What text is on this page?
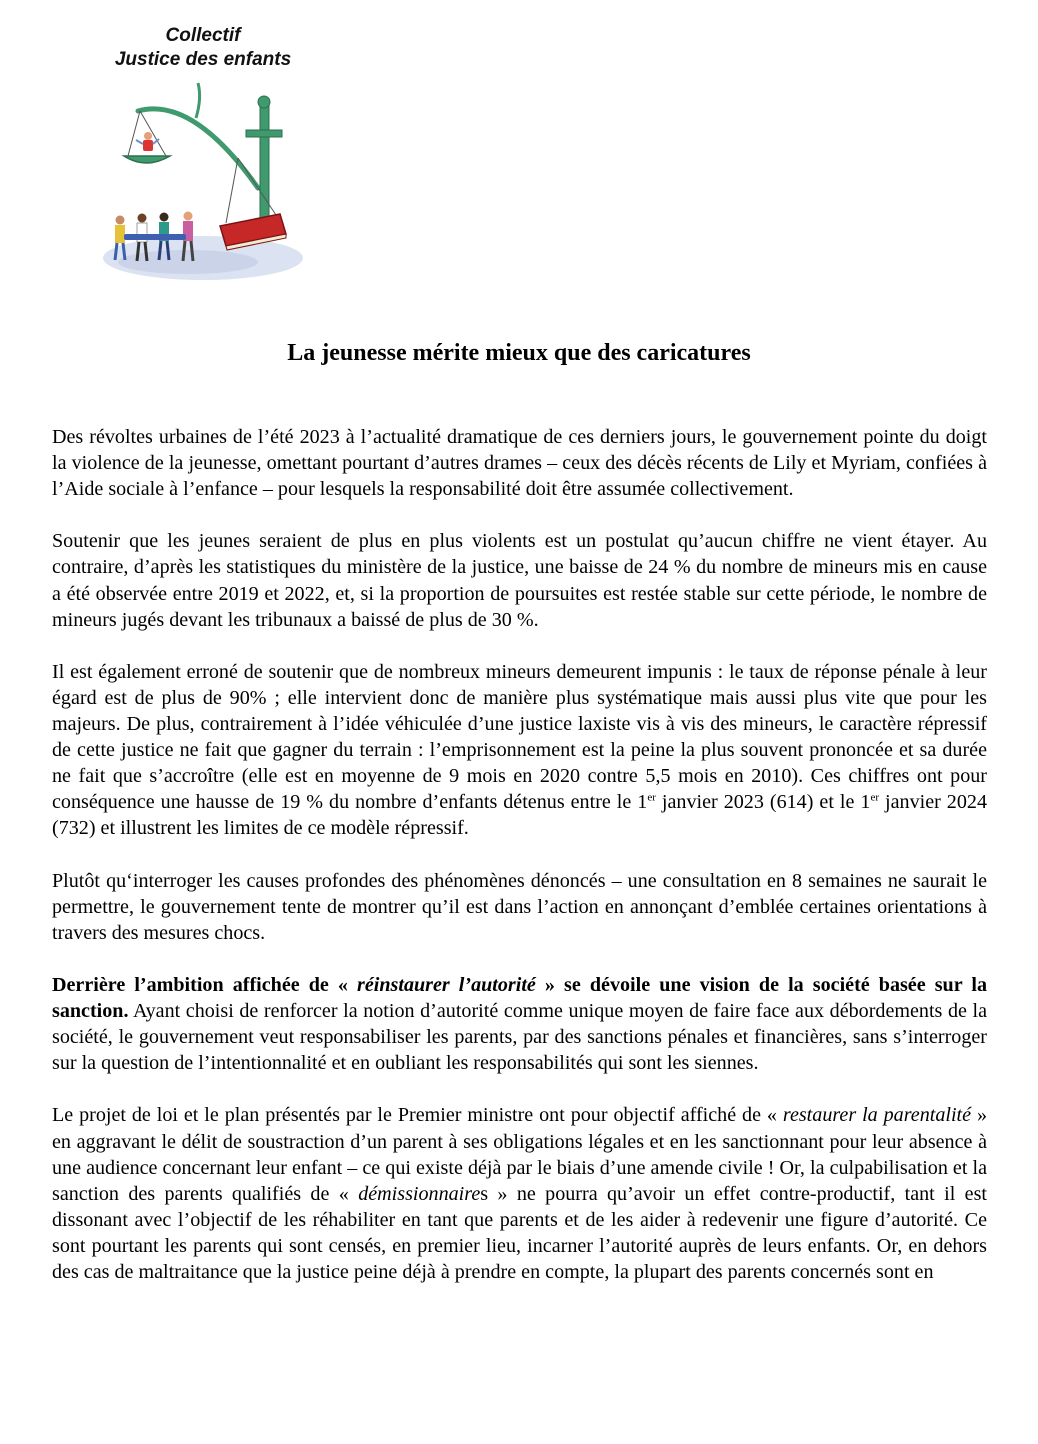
Collectif
Justice des enfants
La jeunesse mérite mieux que des caricatures

Des révoltes urbaines de l’été 2023 à l’actualité dramatique de ces derniers jours, le gouvernement pointe du doigt la violence de la jeunesse, omettant pourtant d’autres drames – ceux des décès récents de Lily et Myriam, confiées à l’Aide sociale à l’enfance – pour lesquels la responsabilité doit être assumée collectivement.

Soutenir que les jeunes seraient de plus en plus violents est un postulat qu’aucun chiffre ne vient étayer. Au contraire, d’après les statistiques du ministère de la justice, une baisse de 24 % du nombre de mineurs mis en cause a été observée entre 2019 et 2022, et, si la proportion de poursuites est restée stable sur cette période, le nombre de mineurs jugés devant les tribunaux a baissé de plus de 30 %.

Il est également erroné de soutenir que de nombreux mineurs demeurent impunis : le taux de réponse pénale à leur égard est de plus de 90% ; elle intervient donc de manière plus systématique mais aussi plus vite que pour les majeurs. De plus, contrairement à l’idée véhiculée d’une justice laxiste vis à vis des mineurs, le caractère répressif de cette justice ne fait que gagner du terrain : l’emprisonnement est la peine la plus souvent prononcée et sa durée ne fait que s’accroître (elle est en moyenne de 9 mois en 2020 contre 5,5 mois en 2010). Ces chiffres ont pour conséquence une hausse de 19 % du nombre d’enfants détenus entre le 1er janvier 2023 (614) et le 1er janvier 2024 (732) et illustrent les limites de ce modèle répressif.

Plutôt qu‘interroger les causes profondes des phénomènes dénoncés – une consultation en 8 semaines ne saurait le permettre, le gouvernement tente de montrer qu’il est dans l’action en annonçant d’emblée certaines orientations à travers des mesures chocs.

Derrière l’ambition affichée de « réinstaurer l’autorité » se dévoile une vision de la société basée sur la sanction. Ayant choisi de renforcer la notion d’autorité comme unique moyen de faire face aux débordements de la société, le gouvernement veut responsabiliser les parents, par des sanctions pénales et financières, sans s’interroger sur la question de l’intentionnalité et en oubliant les responsabilités qui sont les siennes.

Le projet de loi et le plan présentés par le Premier ministre ont pour objectif affiché de « restaurer la parentalité » en aggravant le délit de soustraction d’un parent à ses obligations légales et en les sanctionnant pour leur absence à une audience concernant leur enfant – ce qui existe déjà par le biais d’une amende civile ! Or, la culpabilisation et la sanction des parents qualifiés de « démissionnaires » ne pourra qu’avoir un effet contre-productif, tant il est dissonant avec l’objectif de les réhabiliter en tant que parents et de les aider à redevenir une figure d’autorité. Ce sont pourtant les parents qui sont censés, en premier lieu, incarner l’autorité auprès de leurs enfants. Or, en dehors des cas de maltraitance que la justice peine déjà à prendre en compte, la plupart des parents concernés sont en
